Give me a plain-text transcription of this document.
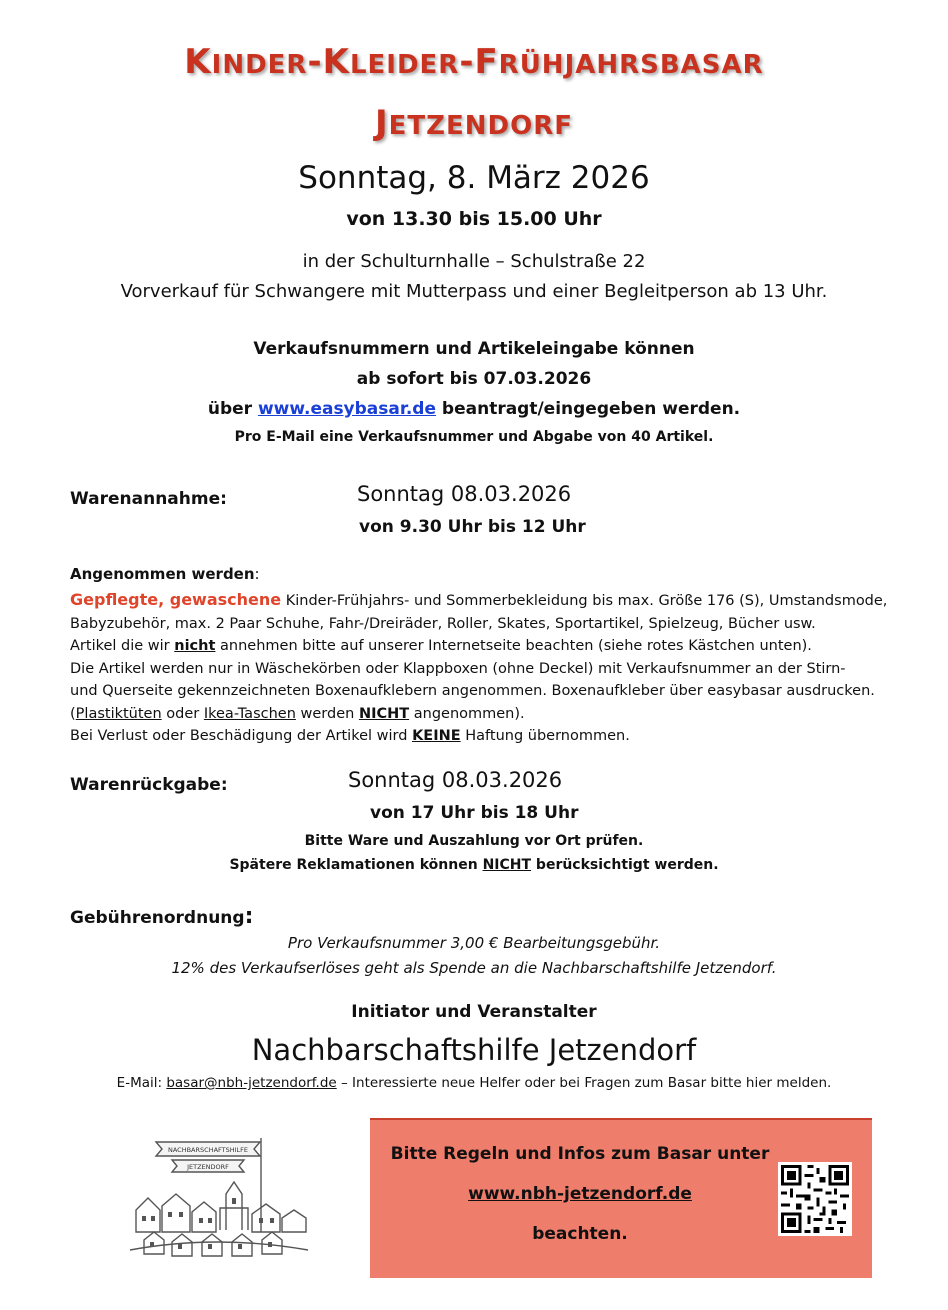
KINDER-KLEIDER-FRÜHJAHRSBASAR
JETZENDORF
Sonntag, 8. März 2026
von 13.30 bis 15.00 Uhr
in der Schulturnhalle – Schulstraße 22
Vorverkauf für Schwangere mit Mutterpass und einer Begleitperson ab 13 Uhr.
Verkaufsnummern und Artikeleingabe können
ab sofort bis 07.03.2026
über www.easybasar.de beantragt/eingegeben werden.
Pro E-Mail eine Verkaufsnummer und Abgabe von 40 Artikel.
Warenannahme:	Sonntag 08.03.2026
von 9.30 Uhr bis 12 Uhr
Angenommen werden:
Gepflegte, gewaschene Kinder-Frühjahrs- und Sommerbekleidung bis max. Größe 176 (S), Umstandsmode,
Babyzubehör, max. 2 Paar Schuhe, Fahr-/Dreiräder, Roller, Skates, Sportartikel, Spielzeug, Bücher usw.
Artikel die wir nicht annehmen bitte auf unserer Internetseite beachten (siehe rotes Kästchen unten).
Die Artikel werden nur in Wäschekörben oder Klappboxen (ohne Deckel) mit Verkaufsnummer an der Stirn-
und Querseite gekennzeichneten Boxenaufklebern angenommen. Boxenaufkleber über easybasar ausdrucken.
(Plastiktüten oder Ikea-Taschen werden NICHT angenommen).
Bei Verlust oder Beschädigung der Artikel wird KEINE Haftung übernommen.
Warenrückgabe:	Sonntag 08.03.2026
von 17 Uhr bis 18 Uhr
Bitte Ware und Auszahlung vor Ort prüfen.
Spätere Reklamationen können NICHT berücksichtigt werden.
Gebührenordnung:
Pro Verkaufsnummer 3,00 € Bearbeitungsgebühr.
12% des Verkaufserlöses geht als Spende an die Nachbarschaftshilfe Jetzendorf.
Initiator und Veranstalter
Nachbarschaftshilfe Jetzendorf
E-Mail: basar@nbh-jetzendorf.de – Interessierte neue Helfer oder bei Fragen zum Basar bitte hier melden.
NACHBARSCHAFTSHILFE
JETZENDORF
Bitte Regeln und Infos zum Basar unter
www.nbh-jetzendorf.de
beachten.
